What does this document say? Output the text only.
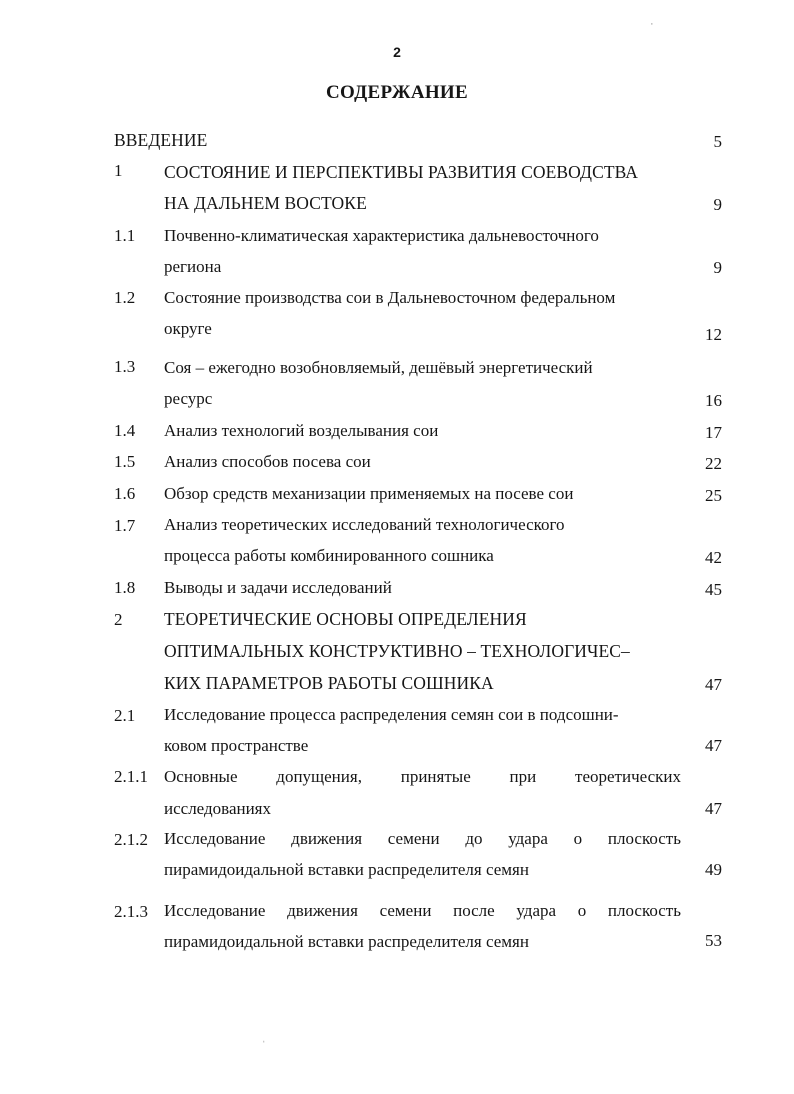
2
СОДЕРЖАНИЕ
ВВЕДЕНИЕ	5
1 СОСТОЯНИЕ И ПЕРСПЕКТИВЫ РАЗВИТИЯ СОЕВОДСТВА
НА ДАЛЬНЕМ ВОСТОКЕ	9
1.1 Почвенно-климатическая характеристика дальневосточного
региона	9
1.2 Состояние производства сои в Дальневосточном федеральном
округе	12
1.3 Соя – ежегодно возобновляемый, дешёвый энергетический
ресурс	16
1.4 Анализ технологий возделывания сои	17
1.5 Анализ способов посева сои	22
1.6 Обзор средств механизации применяемых на посеве сои	25
1.7 Анализ теоретических исследований технологического
процесса работы комбинированного сошника	42
1.8 Выводы и задачи исследований	45
2 ТЕОРЕТИЧЕСКИЕ ОСНОВЫ ОПРЕДЕЛЕНИЯ
ОПТИМАЛЬНЫХ КОНСТРУКТИВНО – ТЕХНОЛОГИЧЕС–
КИХ ПАРАМЕТРОВ РАБОТЫ СОШНИКА	47
2.1 Исследование процесса распределения семян сои в подсошни-
ковом пространстве	47
2.1.1 Основные допущения, принятые при теоретических
исследованиях	47
2.1.2 Исследование движения семени до удара о плоскость
пирамидоидальной вставки распределителя семян	49
2.1.3 Исследование движения семени после удара о плоскость
пирамидоидальной вставки распределителя семян	53
·
ˈ
